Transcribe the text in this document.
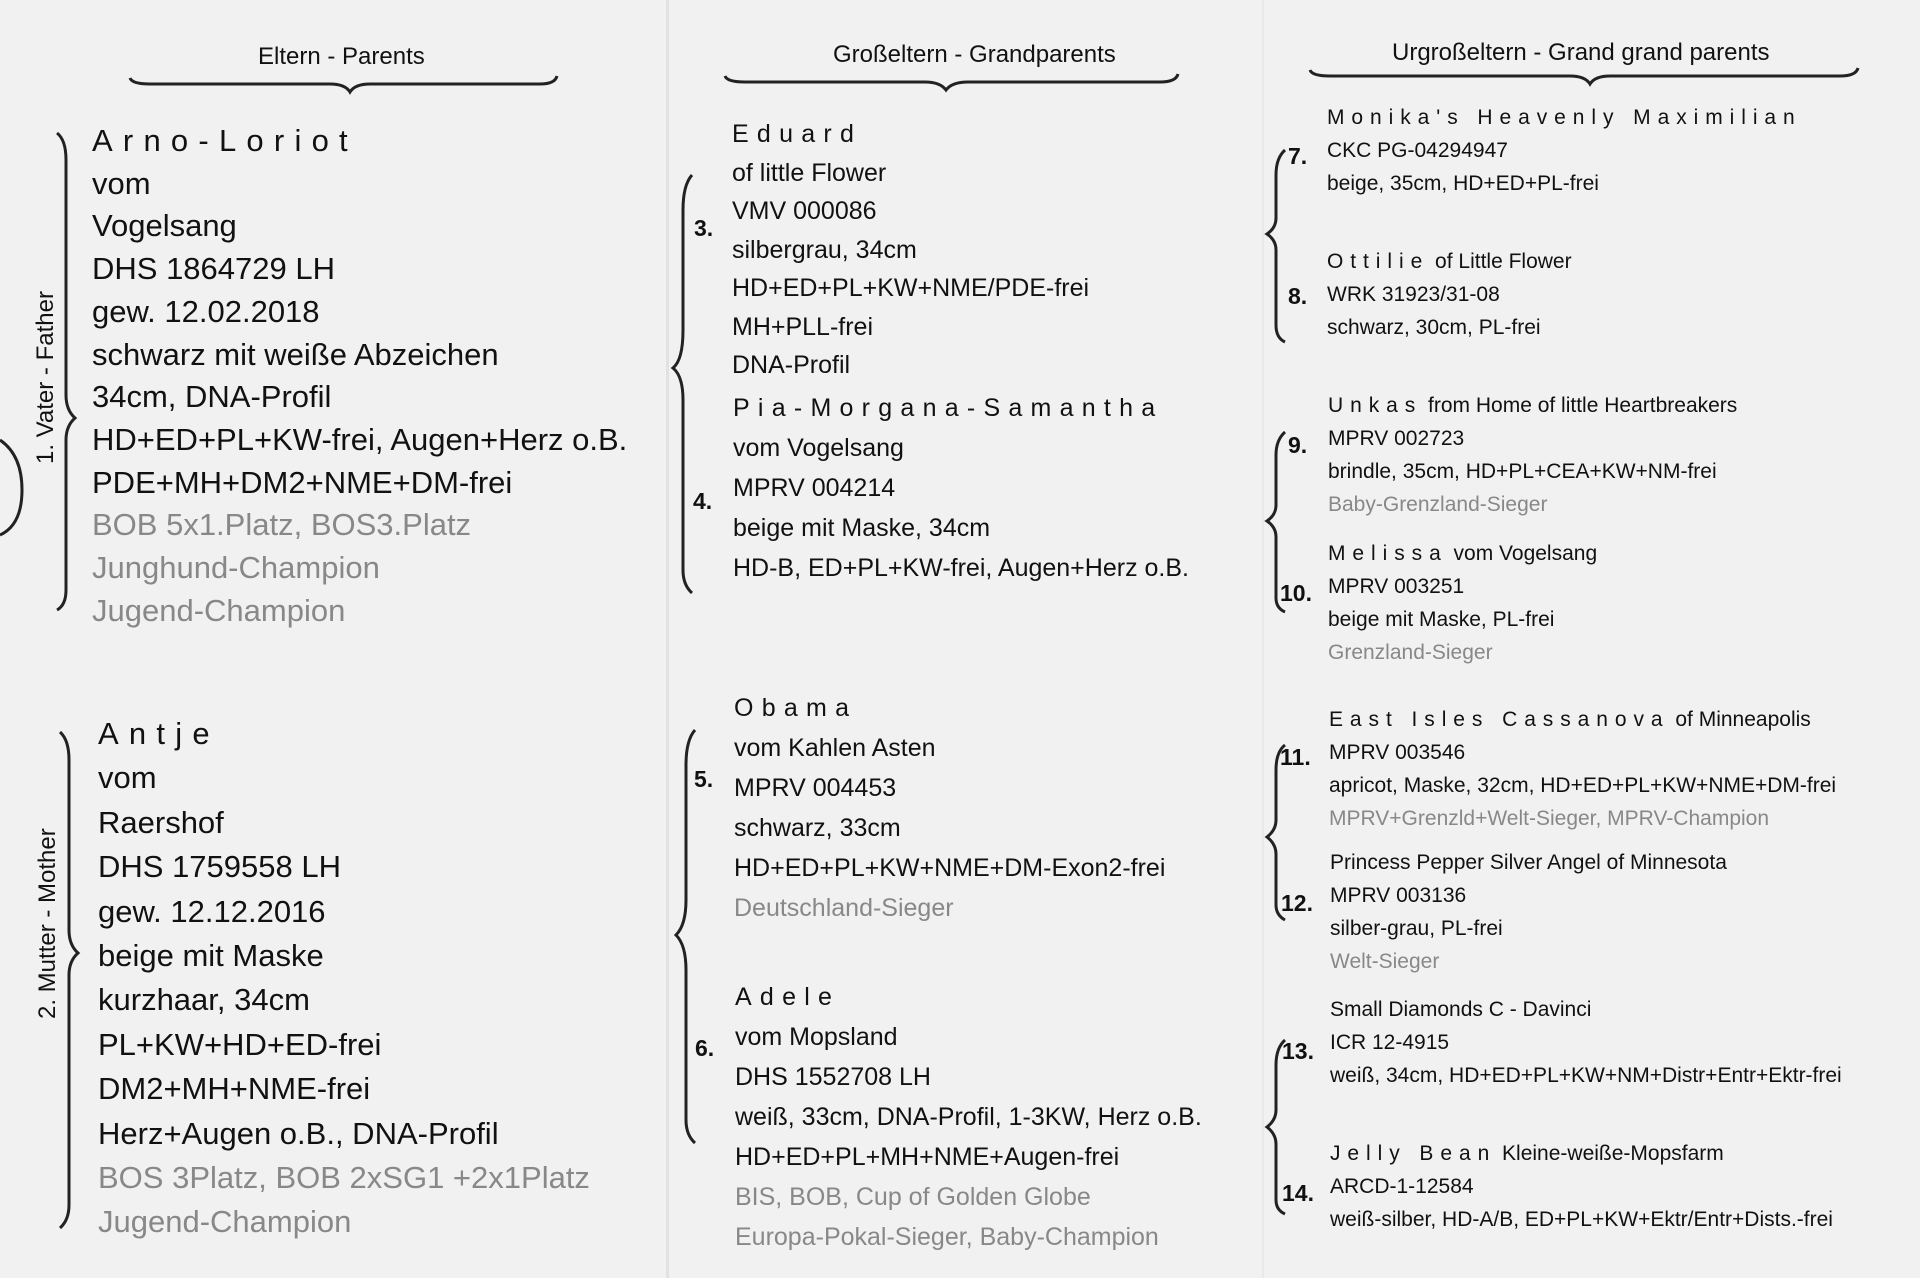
Eltern - Parents	Großeltern - Grandparents	Urgroßeltern - Grand grand parents
1. Vater - Father
2. Mutter - Mother
Arno-Loriot
vom
Vogelsang
DHS 1864729 LH
gew. 12.02.2018
schwarz mit weiße Abzeichen
34cm, DNA-Profil
HD+ED+PL+KW-frei, Augen+Herz o.B.
PDE+MH+DM2+NME+DM-frei
BOB 5x1.Platz, BOS3.Platz
Junghund-Champion
Jugend-Champion
Antje
vom
Raershof
DHS 1759558 LH
gew. 12.12.2016
beige mit Maske
kurzhaar, 34cm
PL+KW+HD+ED-frei
DM2+MH+NME-frei
Herz+Augen o.B., DNA-Profil
BOS 3Platz, BOB 2xSG1 +2x1Platz
Jugend-Champion
3.
Eduard
of little Flower
VMV 000086
silbergrau, 34cm
HD+ED+PL+KW+NME/PDE-frei
MH+PLL-frei
DNA-Profil
4.
Pia-Morgana-Samantha
vom Vogelsang
MPRV 004214
beige mit Maske, 34cm
HD-B, ED+PL+KW-frei, Augen+Herz o.B.
5.
Obama
vom Kahlen Asten
MPRV 004453
schwarz, 33cm
HD+ED+PL+KW+NME+DM-Exon2-frei
Deutschland-Sieger
6.
Adele
vom Mopsland
DHS 1552708 LH
weiß, 33cm, DNA-Profil, 1-3KW, Herz o.B.
HD+ED+PL+MH+NME+Augen-frei
BIS, BOB, Cup of Golden Globe
Europa-Pokal-Sieger, Baby-Champion
7.
Monika's Heavenly Maximilian
CKC PG-04294947
beige, 35cm, HD+ED+PL-frei
8.
Ottilie of Little Flower
WRK 31923/31-08
schwarz, 30cm, PL-frei
9.
Unkas from Home of little Heartbreakers
MPRV 002723
brindle, 35cm, HD+PL+CEA+KW+NM-frei
Baby-Grenzland-Sieger
10.
Melissa vom Vogelsang
MPRV 003251
beige mit Maske, PL-frei
Grenzland-Sieger
11.
East Isles Cassanova of Minneapolis
MPRV 003546
apricot, Maske, 32cm, HD+ED+PL+KW+NME+DM-frei
MPRV+Grenzld+Welt-Sieger, MPRV-Champion
12.
Princess Pepper Silver Angel of Minnesota
MPRV 003136
silber-grau, PL-frei
Welt-Sieger
13.
Small Diamonds C - Davinci
ICR 12-4915
weiß, 34cm, HD+ED+PL+KW+NM+Distr+Entr+Ektr-frei
14.
Jelly Bean Kleine-weiße-Mopsfarm
ARCD-1-12584
weiß-silber, HD-A/B, ED+PL+KW+Ektr/Entr+Dists.-frei
